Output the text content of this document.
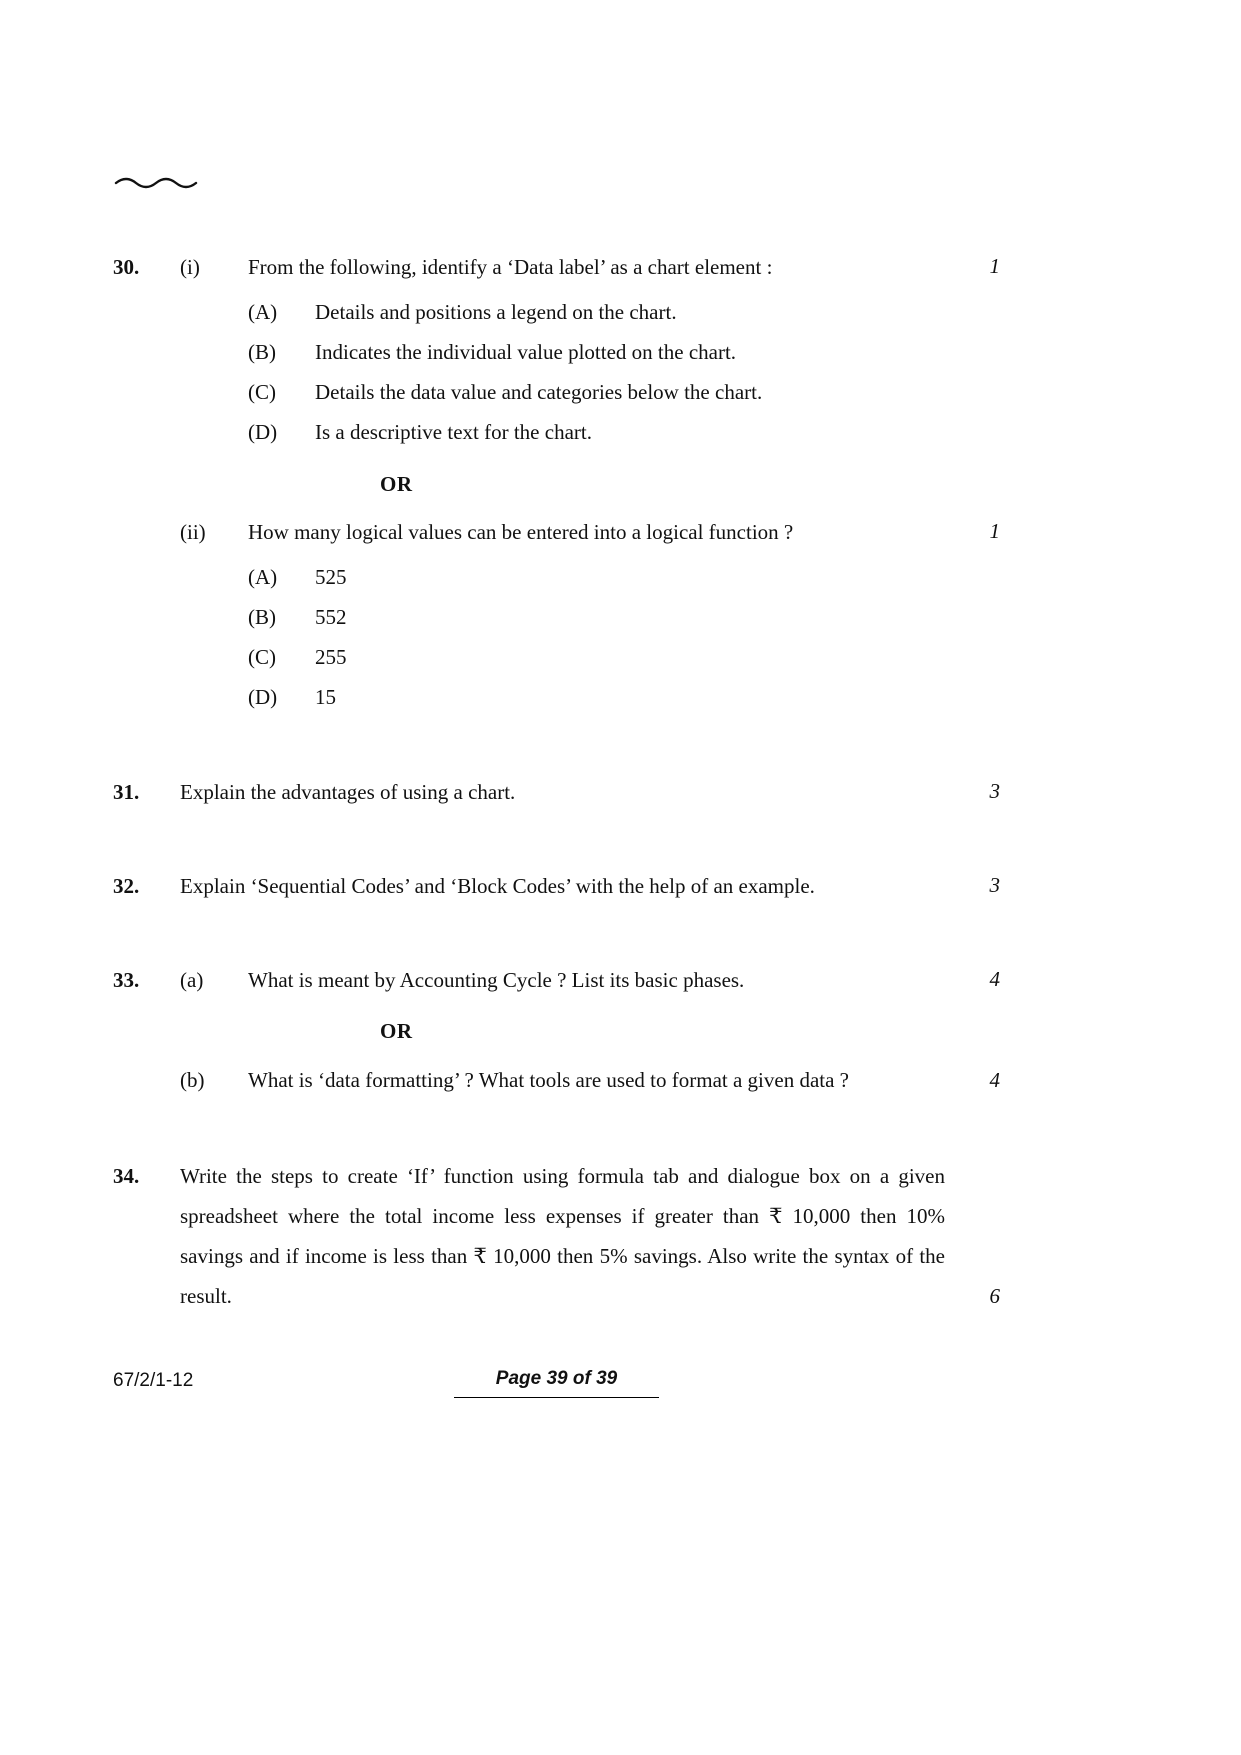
30.	(i)	From the following, identify a ‘Data label’ as a chart element :	1
(A)	Details and positions a legend on the chart.
(B)	Indicates the individual value plotted on the chart.
(C)	Details the data value and categories below the chart.
(D)	Is a descriptive text for the chart.
OR
(ii)	How many logical values can be entered into a logical function ?	1
(A)	525
(B)	552
(C)	255
(D)	15
31.	Explain the advantages of using a chart.	3
32.	Explain ‘Sequential Codes’ and ‘Block Codes’ with the help of an example.	3
33.	(a)	What is meant by Accounting Cycle ? List its basic phases.	4
OR
(b)	What is ‘data formatting’ ? What tools are used to format a given data ?	4
34.	Write the steps to create ‘If’ function using formula tab and dialogue box on a given spreadsheet where the total income less expenses if greater than ₹ 10,000 then 10% savings and if income is less than ₹ 10,000 then 5% savings. Also write the syntax of the result.	6
67/2/1-12	Page 39 of 39
